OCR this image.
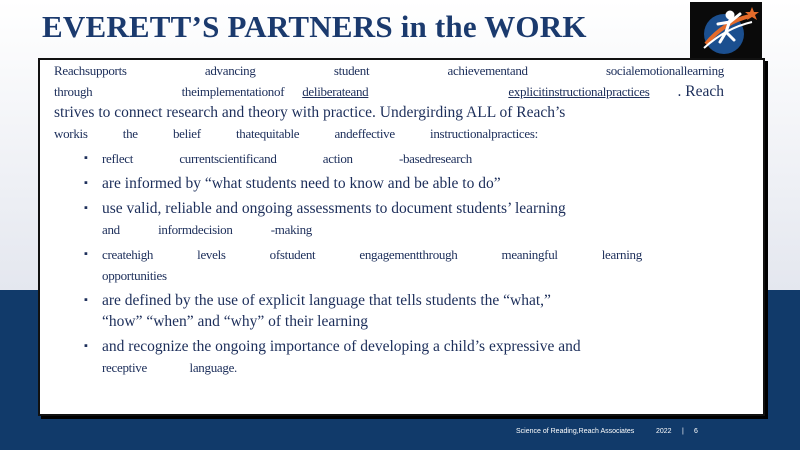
EVERETT’S PARTNERS in the WORK
Reachsupports	advancing	student	achievementand	socialemotionallearning
through	theimplementationof deliberateand	explicitinstructionalpractices . Reach
strives to connect research and theory with practice. Undergirding ALL of Reach’s
workis	the	belief	thatequitable	andeffective	instructionalpractices:
▪ reflect	currentscientificand	action	-basedresearch
▪ are informed by “what students need to know and be able to do”
▪ use valid, reliable and ongoing assessments to document students’ learning
and	informdecision	-making
▪ createhigh	levels	ofstudent	engagementthrough	meaningful	learning
opportunities
▪ are defined by the use of explicit language that tells students the “what,”
“how” “when” and “why” of their learning
▪ and recognize the ongoing importance of developing a child’s expressive and
receptive	language.
Science of Reading,Reach Associates	2022 | 6
